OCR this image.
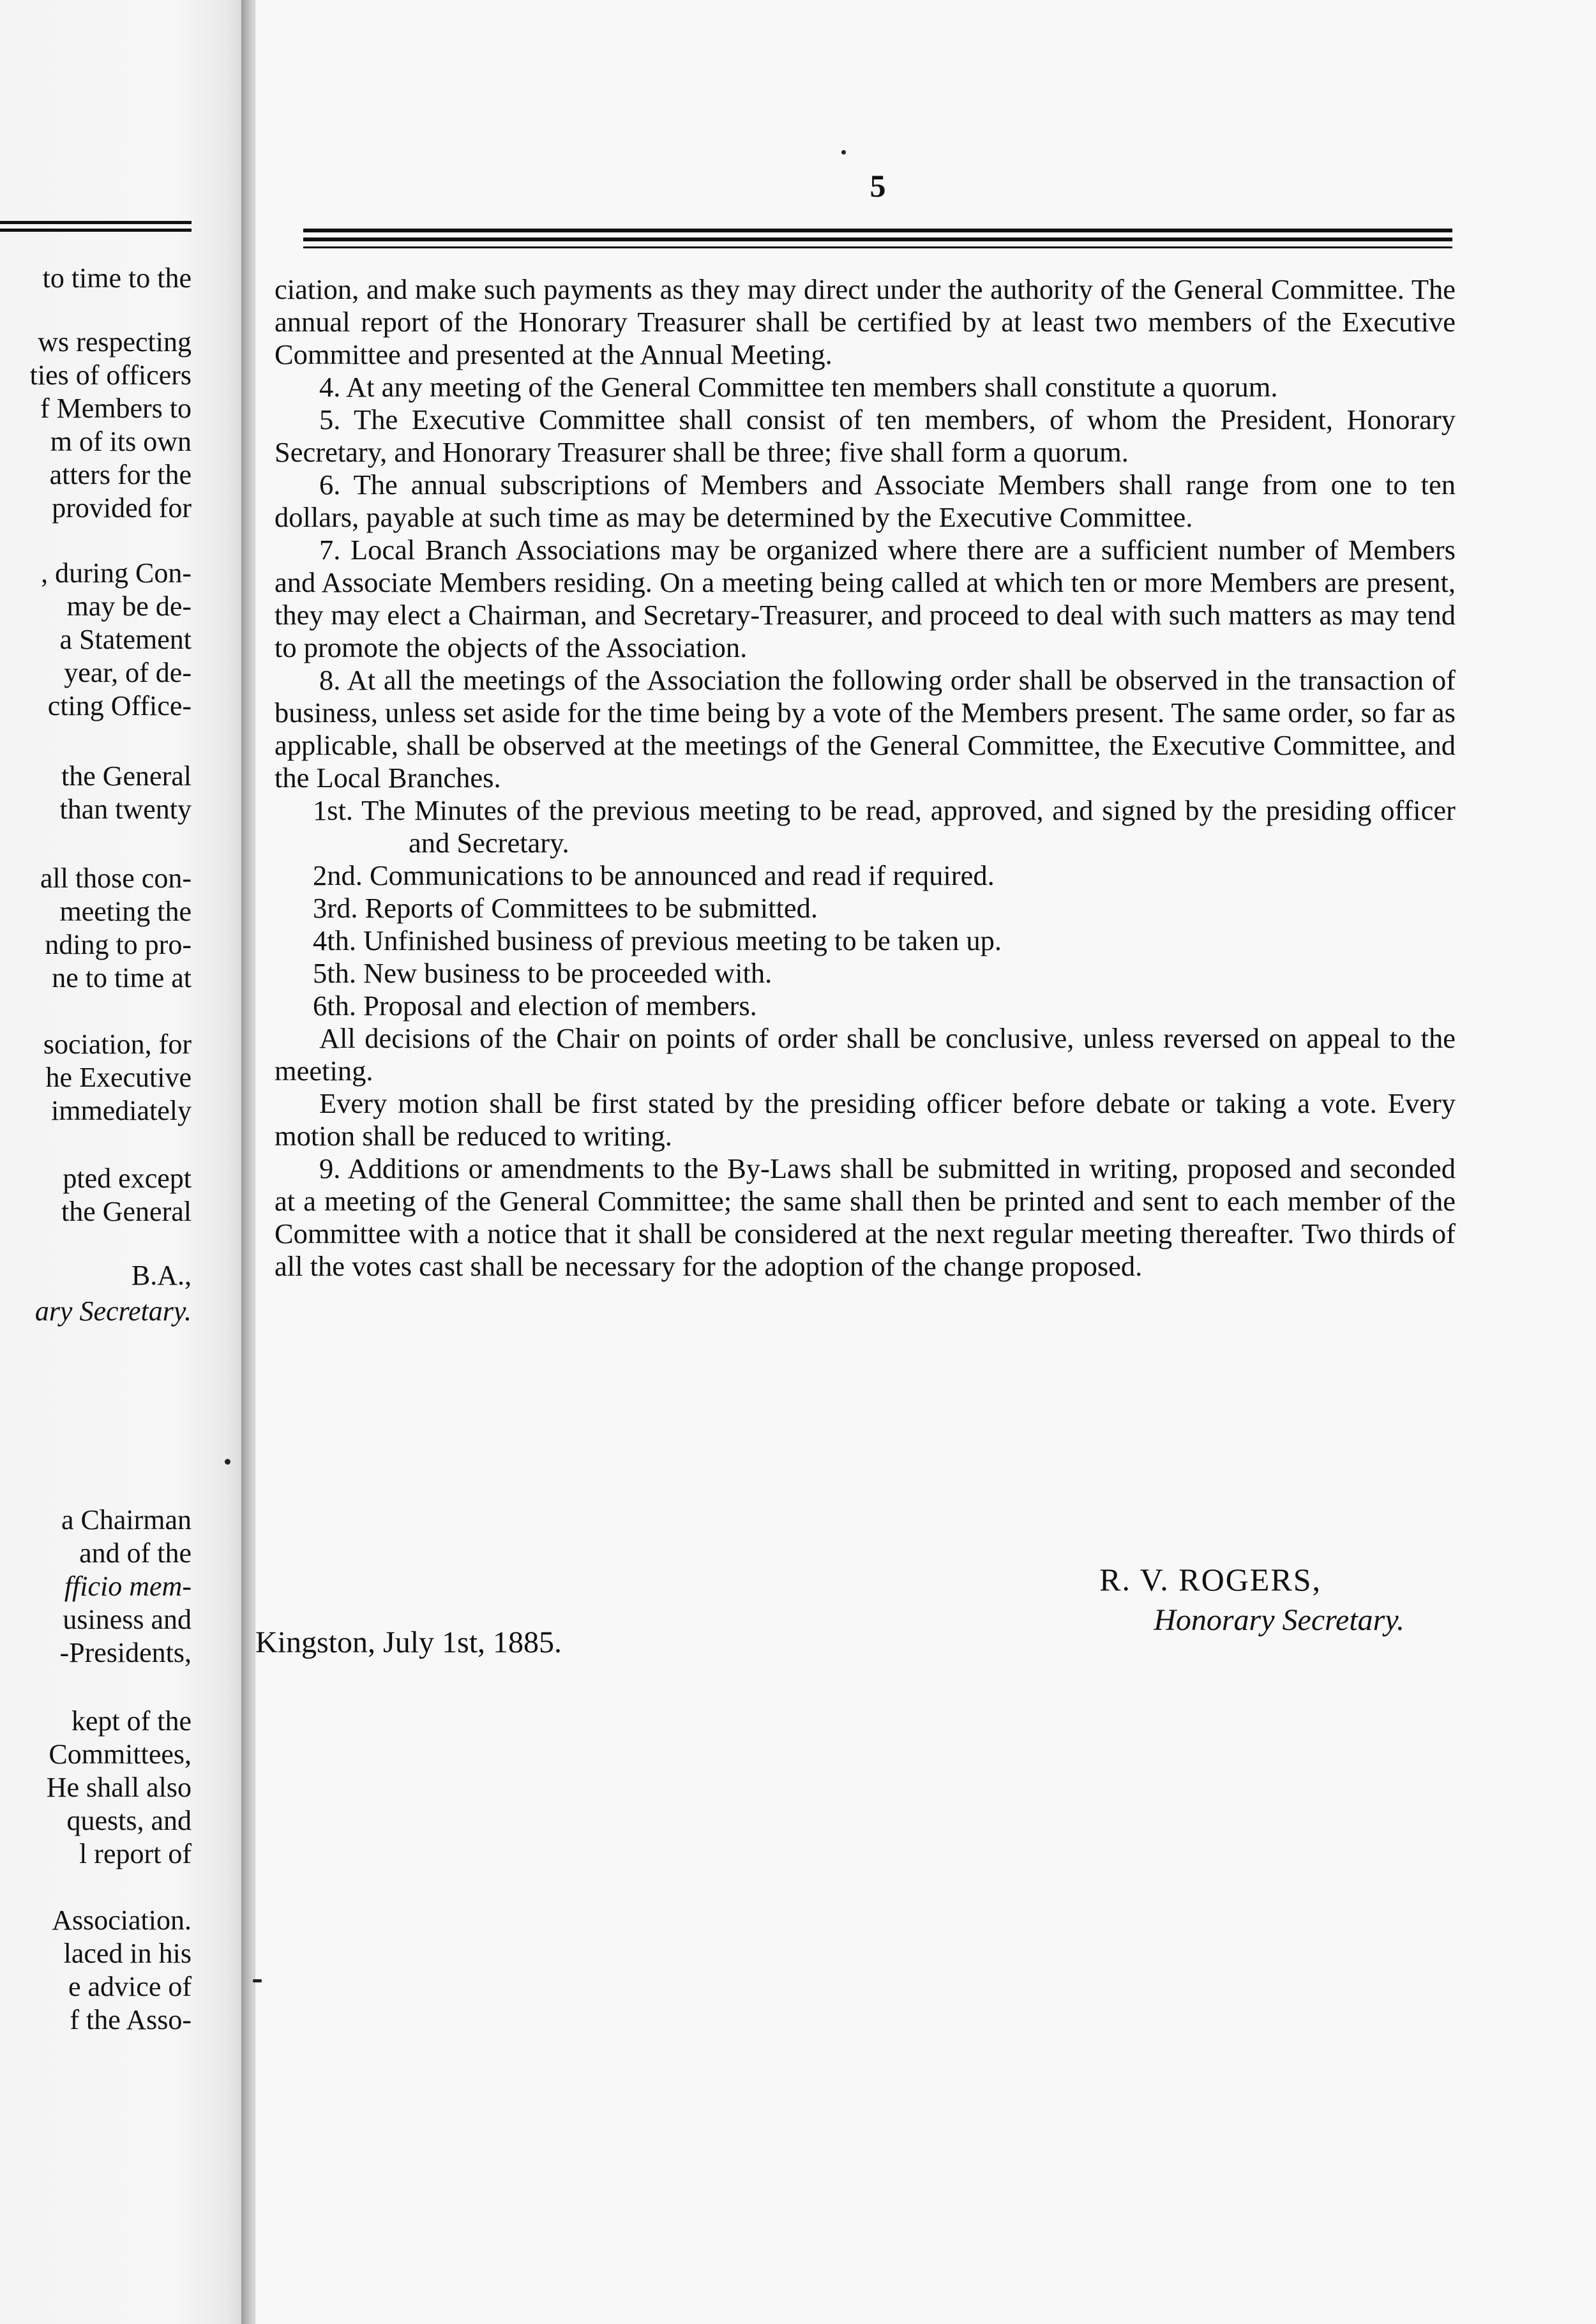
to time to the
ws respecting
ties of officers
f Members to
m of its own
atters for the
provided for
, during Con-
may be de-
a Statement
year, of de-
cting Office-
the General
than twenty
all those con-
meeting the
nding to pro-
ne to time at
sociation, for
he Executive
immediately
pted except
the General
B.A.,
ary Secretary.
a Chairman
and of the
fficio mem-
usiness and
-Presidents,
kept of the
Committees,
He shall also
quests, and
l report of
Association.
laced in his
e advice of
f the Asso-
5

ciation, and make such payments as they may direct under the authority of the General Committee. The annual report of the Honorary Treasurer shall be certified by at least two members of the Executive Committee and presented at the Annual Meeting.

4. At any meeting of the General Committee ten members shall constitute a quorum.

5. The Executive Committee shall consist of ten members, of whom the President, Honorary Secretary, and Honorary Treasurer shall be three; five shall form a quorum.

6. The annual subscriptions of Members and Associate Members shall range from one to ten dollars, payable at such time as may be determined by the Executive Committee.

7. Local Branch Associations may be organized where there are a sufficient number of Members and Associate Members residing. On a meeting being called at which ten or more Members are present, they may elect a Chairman, and Secretary-Treasurer, and proceed to deal with such matters as may tend to promote the objects of the Association.

8. At all the meetings of the Association the following order shall be observed in the transaction of business, unless set aside for the time being by a vote of the Members present. The same order, so far as applicable, shall be observed at the meetings of the General Committee, the Executive Committee, and the Local Branches.

1st. The Minutes of the previous meeting to be read, approved, and signed by the presiding officer and Secretary.

2nd. Communications to be announced and read if required.

3rd. Reports of Committees to be submitted.

4th. Unfinished business of previous meeting to be taken up.

5th. New business to be proceeded with.

6th. Proposal and election of members.

All decisions of the Chair on points of order shall be conclusive, unless reversed on appeal to the meeting.

Every motion shall be first stated by the presiding officer before debate or taking a vote. Every motion shall be reduced to writing.

9. Additions or amendments to the By-Laws shall be submitted in writing, proposed and seconded at a meeting of the General Committee; the same shall then be printed and sent to each member of the Committee with a notice that it shall be considered at the next regular meeting thereafter. Two thirds of all the votes cast shall be necessary for the adoption of the change proposed.

R. V. ROGERS,
Honorary Secretary.
Kingston, July 1st, 1885.
